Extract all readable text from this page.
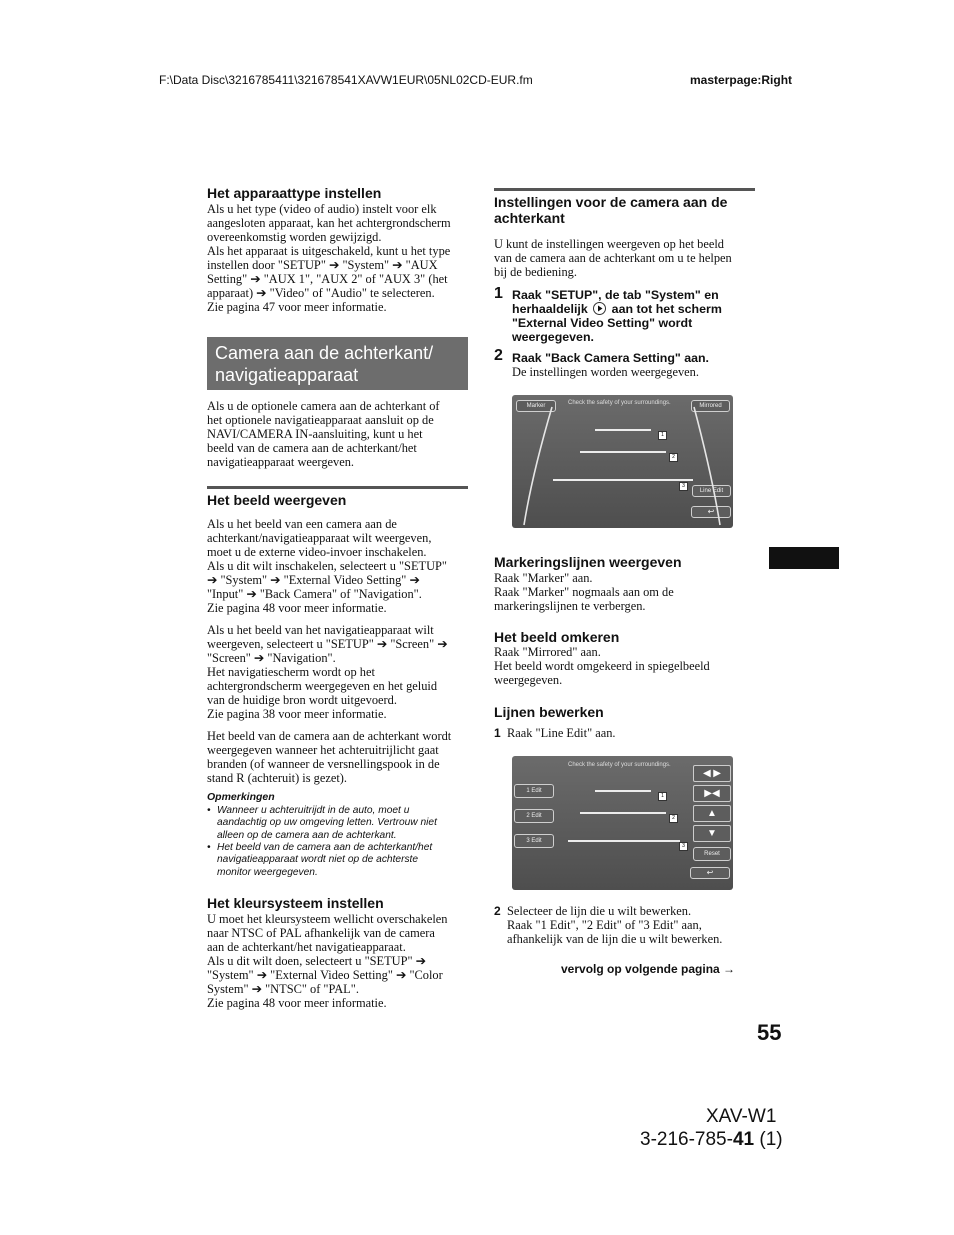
F:\Data Disc\3216785411\321678541XAVW1EUR\05NL02CD-EUR.fm	masterpage:Right
Het apparaattype instellen
Als u het type (video of audio) instelt voor elk
aangesloten apparaat, kan het achtergrondscherm
overeenkomstig worden gewijzigd.
Als het apparaat is uitgeschakeld, kunt u het type
instellen door "SETUP" ➔ "System" ➔ "AUX
Setting" ➔ "AUX 1", "AUX 2" of "AUX 3" (het
apparaat) ➔ "Video" of "Audio" te selecteren.
Zie pagina 47 voor meer informatie.
Camera aan de achterkant/
navigatieapparaat
Als u de optionele camera aan de achterkant of
het optionele navigatieapparaat aansluit op de
NAVI/CAMERA IN-aansluiting, kunt u het
beeld van de camera aan de achterkant/het
navigatieapparaat weergeven.
Het beeld weergeven
Als u het beeld van een camera aan de
achterkant/navigatieapparaat wilt weergeven,
moet u de externe video-invoer inschakelen.
Als u dit wilt inschakelen, selecteert u "SETUP"
➔ "System" ➔ "External Video Setting" ➔
"Input" ➔ "Back Camera" of "Navigation".
Zie pagina 48 voor meer informatie.
Als u het beeld van het navigatieapparaat wilt
weergeven, selecteert u "SETUP" ➔ "Screen" ➔
"Screen" ➔ "Navigation".
Het navigatiescherm wordt op het
achtergrondscherm weergegeven en het geluid
van de huidige bron wordt uitgevoerd.
Zie pagina 38 voor meer informatie.
Het beeld van de camera aan de achterkant wordt
weergegeven wanneer het achteruitrijlicht gaat
branden (of wanneer de versnellingspook in de
stand R (achteruit) is gezet).
Opmerkingen
• Wanneer u achteruitrijdt in de auto, moet u
aandachtig op uw omgeving letten. Vertrouw niet
alleen op de camera aan de achterkant.
• Het beeld van de camera aan de achterkant/het
navigatieapparaat wordt niet op de achterste
monitor weergegeven.
Het kleursysteem instellen
U moet het kleursysteem wellicht overschakelen
naar NTSC of PAL afhankelijk van de camera
aan de achterkant/het navigatieapparaat.
Als u dit wilt doen, selecteert u "SETUP" ➔
"System" ➔ "External Video Setting" ➔ "Color
System" ➔ "NTSC" of "PAL".
Zie pagina 48 voor meer informatie.
Instellingen voor de camera aan de
achterkant
U kunt de instellingen weergeven op het beeld
van de camera aan de achterkant om u te helpen
bij de bediening.
1 Raak "SETUP", de tab "System" en
herhaaldelijk aan tot het scherm
"External Video Setting" wordt
weergegeven.
2 Raak "Back Camera Setting" aan.
De instellingen worden weergegeven.
Marker	Check the safety of your surroundings.	Mirrored
1
2
3
Line Edit
↩
Markeringslijnen weergeven
Raak "Marker" aan.
Raak "Marker" nogmaals aan om de
markeringslijnen te verbergen.
Het beeld omkeren
Raak "Mirrored" aan.
Het beeld wordt omgekeerd in spiegelbeeld
weergegeven.
Lijnen bewerken
1 Raak "Line Edit" aan.
Check the safety of your surroundings.
1 Edit
2 Edit
3 Edit
1
2
3
◀ ▶
▶◀
▲
▼
Reset
↩
2 Selecteer de lijn die u wilt bewerken.
Raak "1 Edit", "2 Edit" of "3 Edit" aan,
afhankelijk van de lijn die u wilt bewerken.
vervolg op volgende pagina →
55
XAV-W1
3-216-785-41 (1)
